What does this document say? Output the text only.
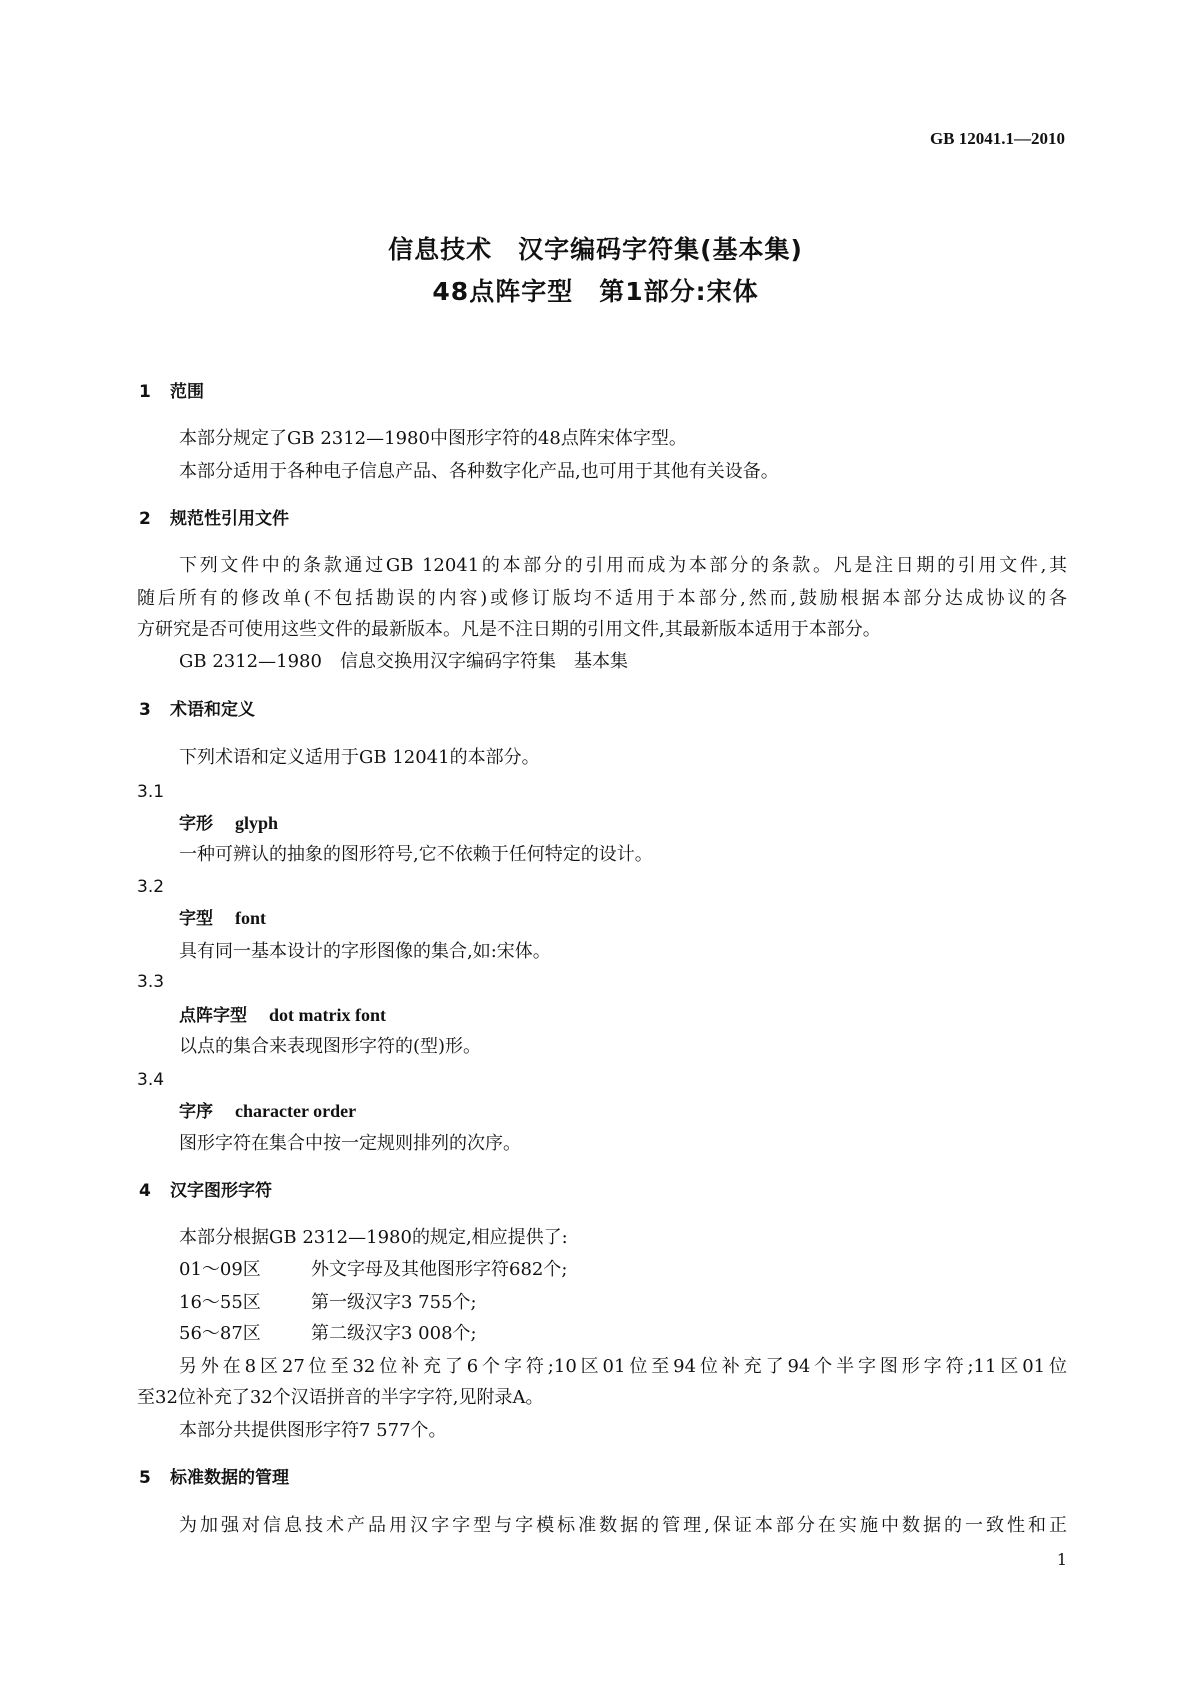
GB 12041.1—2010
信息技术　汉字编码字符集(基本集)
48点阵字型　第1部分:宋体
1 范围
本部分规定了GB 2312—1980中图形字符的48点阵宋体字型。
本部分适用于各种电子信息产品、各种数字化产品,也可用于其他有关设备。
2 规范性引用文件
下列文件中的条款通过GB 12041的本部分的引用而成为本部分的条款。凡是注日期的引用文件,其
随后所有的修改单(不包括勘误的内容)或修订版均不适用于本部分,然而,鼓励根据本部分达成协议的各
方研究是否可使用这些文件的最新版本。凡是不注日期的引用文件,其最新版本适用于本部分。
GB 2312—1980　信息交换用汉字编码字符集　基本集
3 术语和定义
下列术语和定义适用于GB 12041的本部分。
3.1
字形 glyph
一种可辨认的抽象的图形符号,它不依赖于任何特定的设计。
3.2
字型 font
具有同一基本设计的字形图像的集合,如:宋体。
3.3
点阵字型 dot matrix font
以点的集合来表现图形字符的(型)形。
3.4
字序 character order
图形字符在集合中按一定规则排列的次序。
4 汉字图形字符
本部分根据GB 2312—1980的规定,相应提供了:
01～09区	外文字母及其他图形字符682个;
16～55区	第一级汉字3 755个;
56～87区	第二级汉字3 008个;
另外在8区27位至32位补充了6个字符;10区01位至94位补充了94个半字图形字符;11区01位
至32位补充了32个汉语拼音的半字字符,见附录A。
本部分共提供图形字符7 577个。
5 标准数据的管理
为加强对信息技术产品用汉字字型与字模标准数据的管理,保证本部分在实施中数据的一致性和正
1
